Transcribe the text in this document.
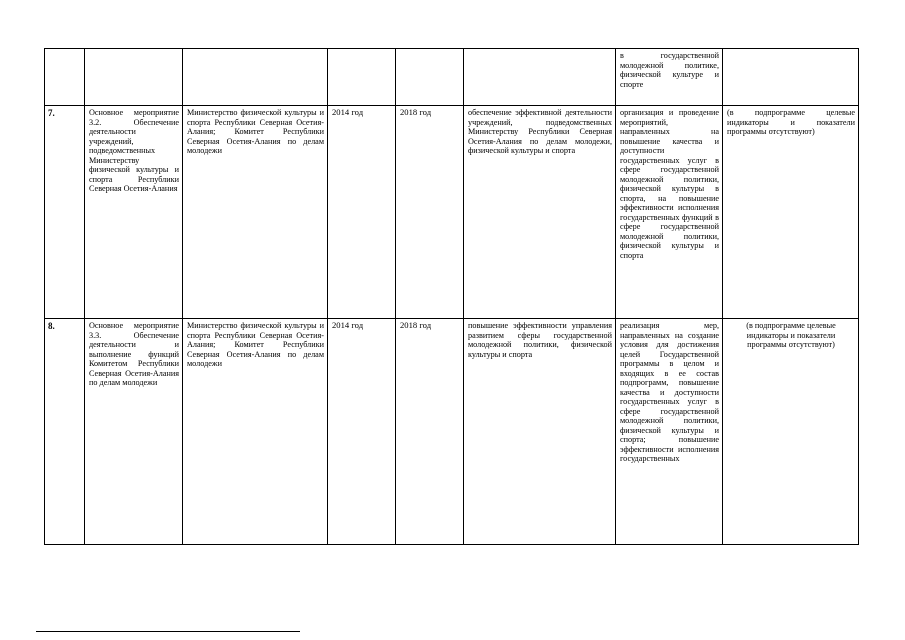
						в государственной молодежной политике, физической культуре и спорте	
7.	Основное мероприятие 3.2. Обеспечение деятельности учреждений, подведомственных Министерству физической культуры и спорта Республики Северная Осетия-Алания	Министерство физической культуры и спорта Республики Северная Осетия-Алания; Комитет Республики Северная Осетия-Алания по делам молодежи	2014 год	2018 год	обеспечение эффективной деятельности учреждений, подведомственных Министерству Республики Северная Осетия-Алания по делам молодежи, физической культуры и спорта	организация и проведение мероприятий, направленных на повышение качества и доступности государственных услуг в сфере государственной молодежной политики, физической культуры в спорта, на повышение эффективности исполнения государственных функций в сфере государственной молодежной политики, физической культуры и спорта	(в подпрограмме целевые индикаторы и показатели программы отсутствуют)
8.	Основное мероприятие 3.3. Обеспечение деятельности и выполнение функций Комитетом Республики Северная Осетия-Алания по делам молодежи	Министерство физической культуры и спорта Республики Северная Осетия-Алания; Комитет Республики Северная Осетия-Алания по делам молодежи	2014 год	2018 год	повышение эффективности управления развитием сферы государственной молодежной политики, физической культуры и спорта	реализация мер, направленных на создание условия для достижения целей Государственной программы в целом и входящих в ее состав подпрограмм, повышение качества и доступности государственных услуг в сфере государственной молодежной политики, физической культуры и спорта; повышение эффективности исполнения государственных	(в подпрограмме целевые индикаторы и показатели программы отсутствуют)
